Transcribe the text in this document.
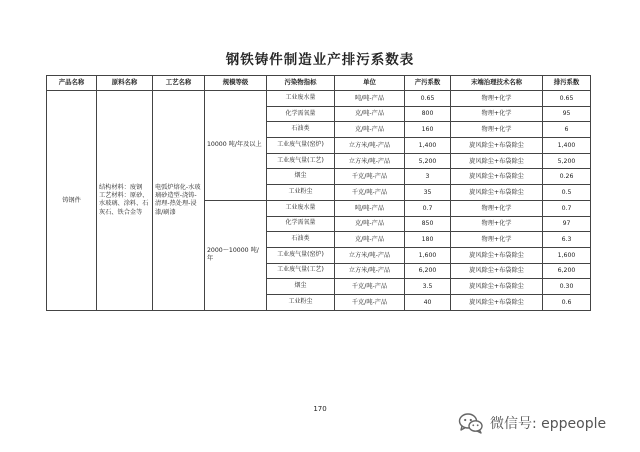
钢铁铸件制造业产排污系数表
产品名称	原料名称	工艺名称	规模等级	污染物指标	单位	产污系数	末端治理技术名称	排污系数
铸钢件	结构材料：废钢 工艺材料：原砂、水玻璃、涂料、石灰石、铁合金等	电弧炉熔化-水玻璃砂造型-浇铸-清理-热处理-浸漆/刷漆	10000 吨/年及以上	工业废水量	吨/吨-产品	0.65	物理+化学	0.65
				化学需氧量	克/吨-产品	800	物理+化学	95
				石油类	克/吨-产品	160	物理+化学	6
				工业废气量(窑炉)	立方米/吨-产品	1,400	旋风除尘+布袋除尘	1,400
				工业废气量(工艺)	立方米/吨-产品	5,200	旋风除尘+布袋除尘	5,200
				烟尘	千克/吨-产品	3	旋风除尘+布袋除尘	0.26
				工业粉尘	千克/吨-产品	35	旋风除尘+布袋除尘	0.5
			2000～10000 吨/年	工业废水量	吨/吨-产品	0.7	物理+化学	0.7
				化学需氧量	克/吨-产品	850	物理+化学	97
				石油类	克/吨-产品	180	物理+化学	6.3
				工业废气量(窑炉)	立方米/吨-产品	1,600	旋风除尘+布袋除尘	1,600
				工业废气量(工艺)	立方米/吨-产品	6,200	旋风除尘+布袋除尘	6,200
				烟尘	千克/吨-产品	3.5	旋风除尘+布袋除尘	0.30
				工业粉尘	千克/吨-产品	40	旋风除尘+布袋除尘	0.6
170
微信号: eppeople
